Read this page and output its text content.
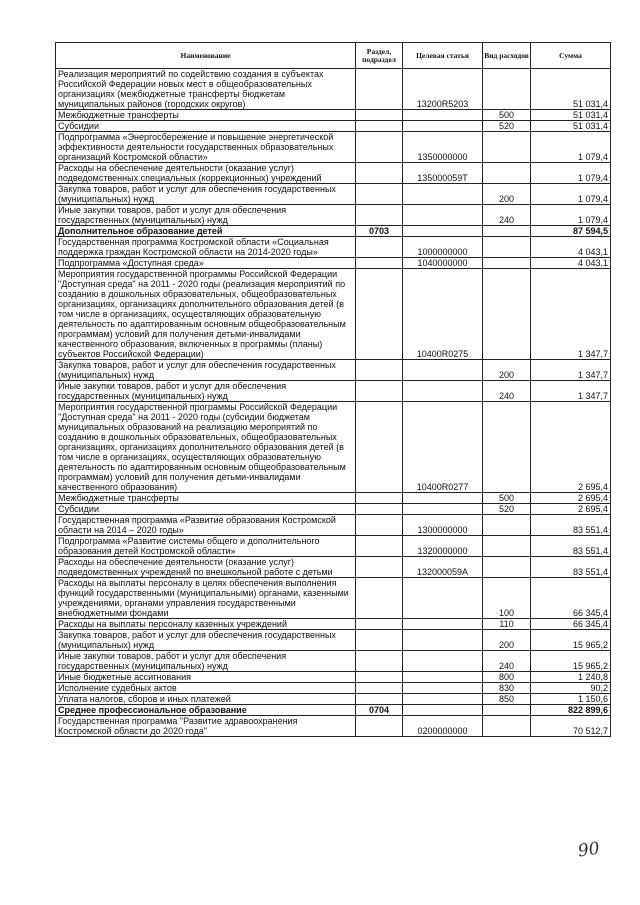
Наименование	Раздел, подраздел	Целевая статья	Вид расходов	Сумма
Реализация мероприятий по содействию создания в субъектах Российской Федерации новых мест в общеобразовательных организациях (межбюджетные трансферты бюджетам муниципальных районов (городских округов)		13200R5203		51 031,4
Межбюджетные трансферты			500	51 031,4
Субсидии			520	51 031,4
Подпрограмма «Энергосбережение и повышение энергетической эффективности деятельности государственных образовательных организаций Костромской области»		1350000000		1 079,4
Расходы на обеспечение деятельности (оказание услуг) подведомственных специальных (коррекционных) учреждений		135000059Т		1 079,4
Закупка товаров, работ и услуг для обеспечения государственных (муниципальных) нужд			200	1 079,4
Иные закупки товаров, работ и услуг для обеспечения государственных (муниципальных) нужд			240	1 079,4
Дополнительное образование детей	0703			87 594,5
Государственная программа Костромской области «Социальная поддержка граждан Костромской области на 2014-2020 годы»		1000000000		4 043,1
Подпрограмма «Доступная среда»		1040000000		4 043,1
Мероприятия государственной программы Российской Федерации "Доступная среда" на 2011 - 2020 годы (реализация мероприятий по созданию в дошкольных образовательных, общеобразовательных организациях, организациях дополнительного образования детей (в том числе в организациях, осуществляющих образовательную деятельность по адаптированным основным общеобразовательным программам) условий для получения детьми-инвалидами качественного образования, включенных в программы (планы) субъектов Российской Федерации)		10400R0275		1 347,7
Закупка товаров, работ и услуг для обеспечения государственных (муниципальных) нужд			200	1 347,7
Иные закупки товаров, работ и услуг для обеспечения государственных (муниципальных) нужд			240	1 347,7
Мероприятия государственной программы Российской Федерации "Доступная среда" на 2011 - 2020 годы (субсидии бюджетам муниципальных образований на реализацию мероприятий по созданию в дошкольных образовательных, общеобразовательных организациях, организациях дополнительного образования детей (в том числе в организациях, осуществляющих образовательную деятельность по адаптированным основным общеобразовательным программам) условий для получения детьми-инвалидами качественного образования)		10400R0277		2 695,4
Межбюджетные трансферты			500	2 695,4
Субсидии			520	2 695,4
Государственная программа «Развитие образования Костромской области на 2014 – 2020 годы»		1300000000		83 551,4
Подпрограмма «Развитие системы общего и дополнительного образования детей Костромской области»		1320000000		83 551,4
Расходы на обеспечение деятельности (оказание услуг) подведомственных учреждений по внешкольной работе с детьми		132000059А		83 551,4
Расходы на выплаты персоналу в целях обеспечения выполнения функций государственными (муниципальными) органами, казенными учреждениями, органами управления государственными внебюджетными фондами			100	66 345,4
Расходы на выплаты персоналу казенных учреждений			110	66 345,4
Закупка товаров, работ и услуг для обеспечения государственных (муниципальных) нужд			200	15 965,2
Иные закупки товаров, работ и услуг для обеспечения государственных (муниципальных) нужд			240	15 965,2
Иные бюджетные ассигнования			800	1 240,8
Исполнение судебных актов			830	90,2
Уплата налогов, сборов и иных платежей			850	1 150,6
Среднее профессиональное образование	0704			822 899,6
Государственная программа "Развитие здравоохранения Костромской области до 2020 года"		0200000000		70 512,7
90
